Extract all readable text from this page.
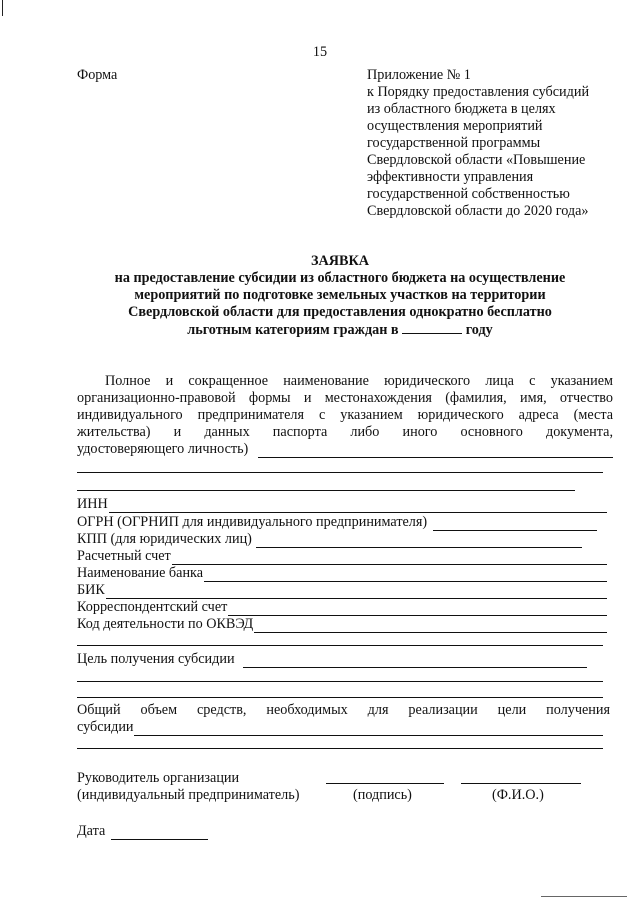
15
Форма	Приложение № 1
к Порядку предоставления субсидий
из областного бюджета в целях
осуществления мероприятий
государственной программы
Свердловской области «Повышение
эффективности управления
государственной собственностью
Свердловской области до 2020 года»
ЗАЯВКА
на предоставление субсидии из областного бюджета на осуществление
мероприятий по подготовке земельных участков на территории
Свердловской области для предоставления однократно бесплатно
льготным категориям граждан в	году
Полное и сокращенное наименование юридического лица с указанием
организационно-правовой формы и местонахождения (фамилия, имя, отчество
индивидуального предпринимателя с указанием юридического адреса (места
жительства) и данных паспорта либо иного основного документа,
удостоверяющего личность)
ИНН
ОГРН (ОГРНИП для индивидуального предпринимателя)
КПП (для юридических лиц)
Расчетный счет
Наименование банка
БИК
Корреспондентский счет
Код деятельности по ОКВЭД
Цель получения субсидии
Общий объем средств, необходимых для реализации цели получения
субсидии
Руководитель организации
(индивидуальный предприниматель)	(подпись)	(Ф.И.О.)
Дата
